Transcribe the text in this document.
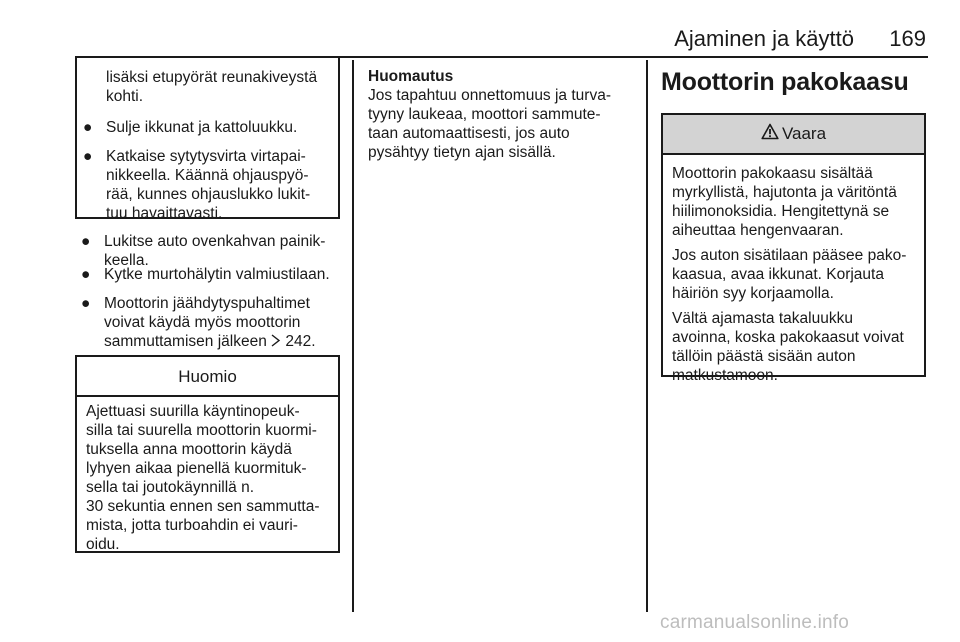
Ajaminen ja käyttö	169
lisäksi etupyörät reunakiveystä
kohti.
● Sulje ikkunat ja kattoluukku.
● Katkaise sytytysvirta virtapai-
nikkeella. Käännä ohjauspyö-
rää, kunnes ohjauslukko lukit-
tuu havaittavasti.
● Lukitse auto ovenkahvan painik-
keella.
● Kytke murtohälytin valmiustilaan.
● Moottorin jäähdytyspuhaltimet
voivat käydä myös moottorin
sammuttamisen jälkeen  242.
Huomio
Ajettuasi suurilla käyntinopeuk-
silla tai suurella moottorin kuormi-
tuksella anna moottorin käydä
lyhyen aikaa pienellä kuormituk-
sella tai joutokäynnillä n.
30 sekuntia ennen sen sammutta-
mista, jotta turboahdin ei vauri-
oidu.
Huomautus
Jos tapahtuu onnettomuus ja turva-
tyyny laukeaa, moottori sammute-
taan automaattisesti, jos auto
pysähtyy tietyn ajan sisällä.
Moottorin pakokaasu
Vaara
Moottorin pakokaasu sisältää
myrkyllistä, hajutonta ja väritöntä
hiilimonoksidia. Hengitettynä se
aiheuttaa hengenvaaran.
Jos auton sisätilaan pääsee pako-
kaasua, avaa ikkunat. Korjauta
häiriön syy korjaamolla.
Vältä ajamasta takaluukku
avoinna, koska pakokaasut voivat
tällöin päästä sisään auton
matkustamoon.
carmanualsonline.info
